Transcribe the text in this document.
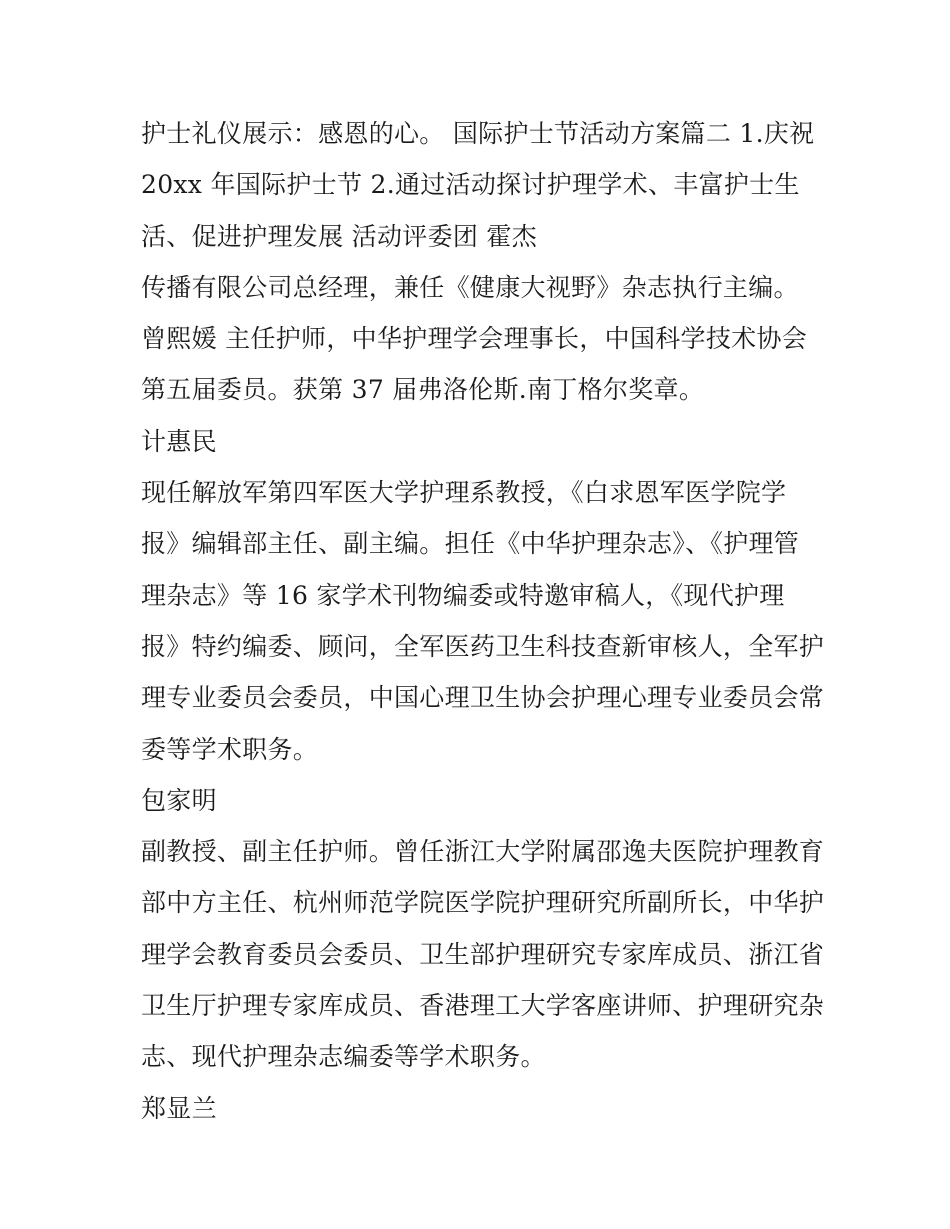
护士礼仪展示：感恩的心。 国际护士节活动方案篇二 1.庆祝
20xx 年国际护士节 2.通过活动探讨护理学术、丰富护士生
活、促进护理发展 活动评委团 霍杰
传播有限公司总经理，兼任《健康大视野》杂志执行主编。
曾熙媛 主任护师，中华护理学会理事长，中国科学技术协会
第五届委员。获第 37 届弗洛伦斯.南丁格尔奖章。
计惠民
现任解放军第四军医大学护理系教授，《白求恩军医学院学
报》编辑部主任、副主编。担任《中华护理杂志》、《护理管
理杂志》等 16 家学术刊物编委或特邀审稿人，《现代护理
报》特约编委、顾问，全军医药卫生科技查新审核人，全军护
理专业委员会委员，中国心理卫生协会护理心理专业委员会常
委等学术职务。
包家明
副教授、副主任护师。曾任浙江大学附属邵逸夫医院护理教育
部中方主任、杭州师范学院医学院护理研究所副所长，中华护
理学会教育委员会委员、卫生部护理研究专家库成员、浙江省
卫生厅护理专家库成员、香港理工大学客座讲师、护理研究杂
志、现代护理杂志编委等学术职务。
郑显兰
